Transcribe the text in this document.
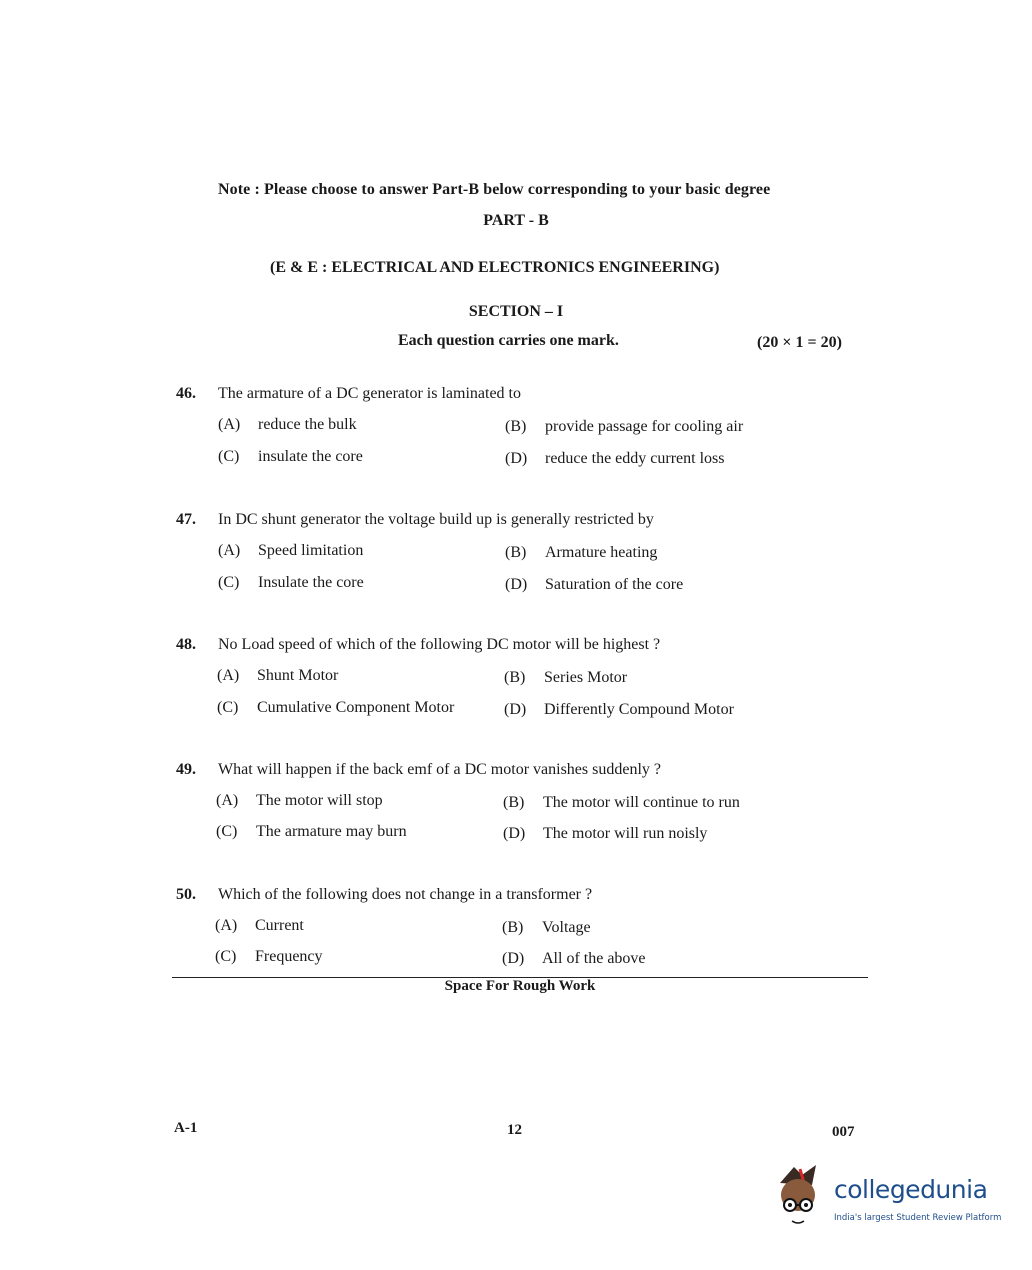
Note : Please choose to answer Part-B below corresponding to your basic degree
PART - B
(E & E : ELECTRICAL AND ELECTRONICS ENGINEERING)
SECTION – I
Each question carries one mark.	(20 × 1 = 20)
46. The armature of a DC generator is laminated to
(A) reduce the bulk	(B) provide passage for cooling air
(C) insulate the core	(D) reduce the eddy current loss
47. In DC shunt generator the voltage build up is generally restricted by
(A) Speed limitation	(B) Armature heating
(C) Insulate the core	(D) Saturation of the core
48. No Load speed of which of the following DC motor will be highest ?
(A) Shunt Motor	(B) Series Motor
(C) Cumulative Component Motor	(D) Differently Compound Motor
49. What will happen if the back emf of a DC motor vanishes suddenly ?
(A) The motor will stop	(B) The motor will continue to run
(C) The armature may burn	(D) The motor will run noisly
50. Which of the following does not change in a transformer ?
(A) Current	(B) Voltage
(C) Frequency	(D) All of the above
Space For Rough Work
A-1	12	007
collegedunia
India's largest Student Review Platform
